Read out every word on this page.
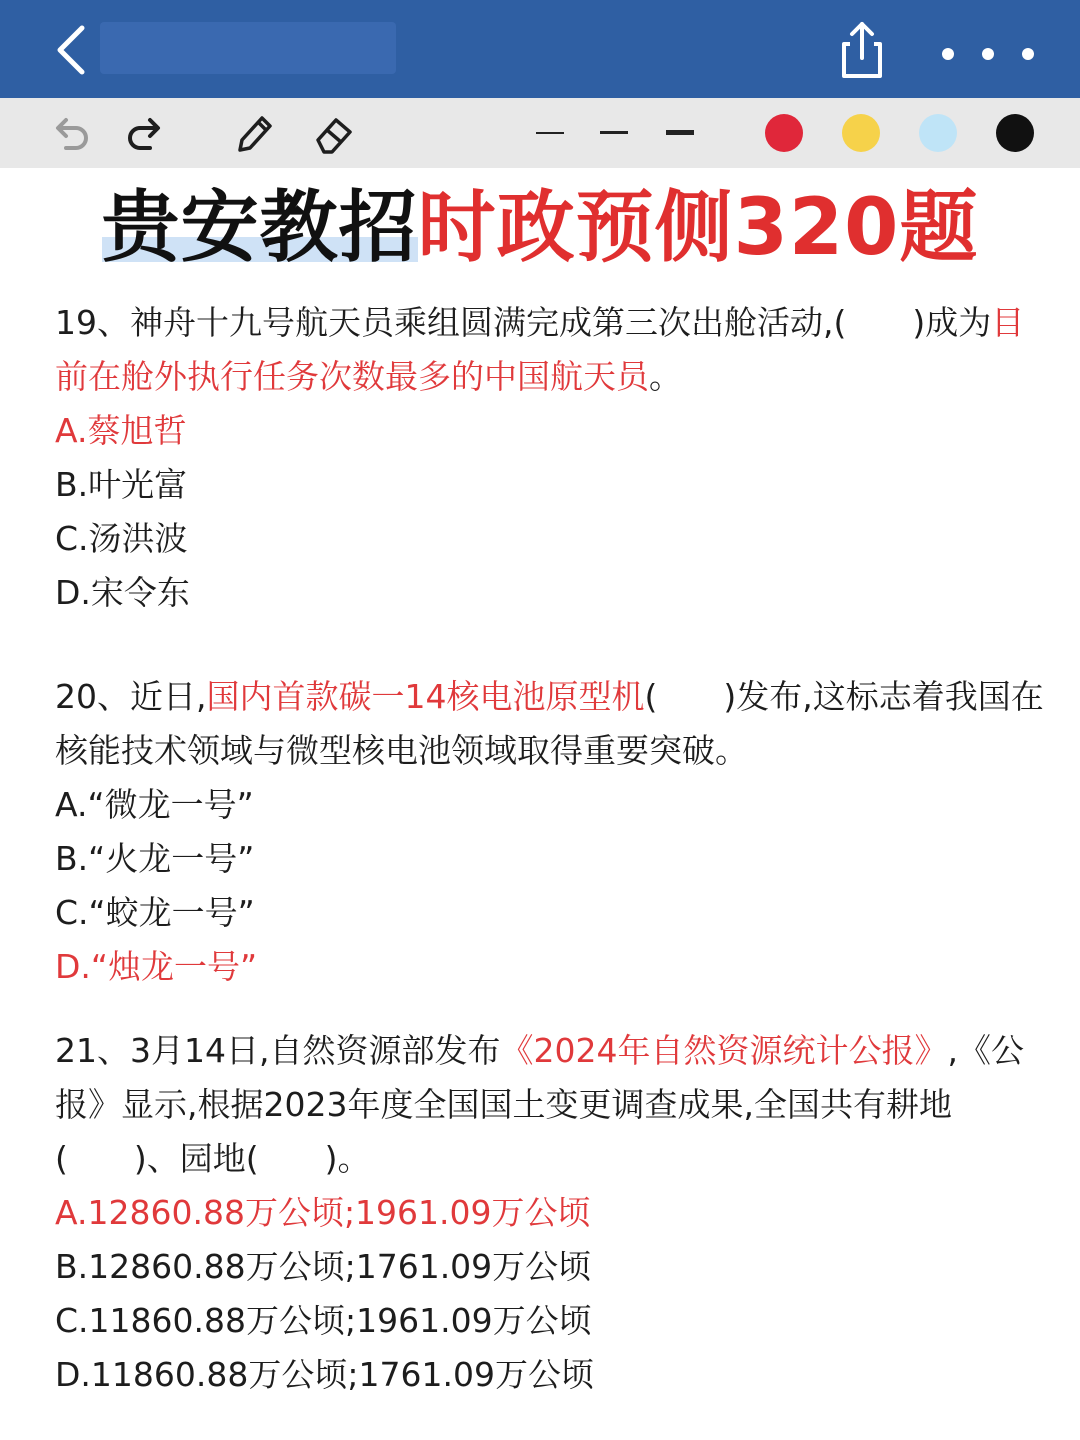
贵安教招时政预侧320题

19、神舟十九号航天员乘组圆满完成第三次出舱活动,(　　)成为目前在舱外执行任务次数最多的中国航天员。

A.蔡旭哲

B.叶光富

C.汤洪波

D.宋令东

20、近日,国内首款碳一14核电池原型机(　　)发布,这标志着我国在核能技术领域与微型核电池领域取得重要突破。

A.“微龙一号”

B.“火龙一号”

C.“蛟龙一号”

D.“烛龙一号”

21、3月14日,自然资源部发布《2024年自然资源统计公报》,《公报》显示,根据2023年度全国国土变更调查成果,全国共有耕地(　　)、园地(　　)。

A.12860.88万公顷;1961.09万公顷

B.12860.88万公顷;1761.09万公顷

C.11860.88万公顷;1961.09万公顷

D.11860.88万公顷;1761.09万公顷
